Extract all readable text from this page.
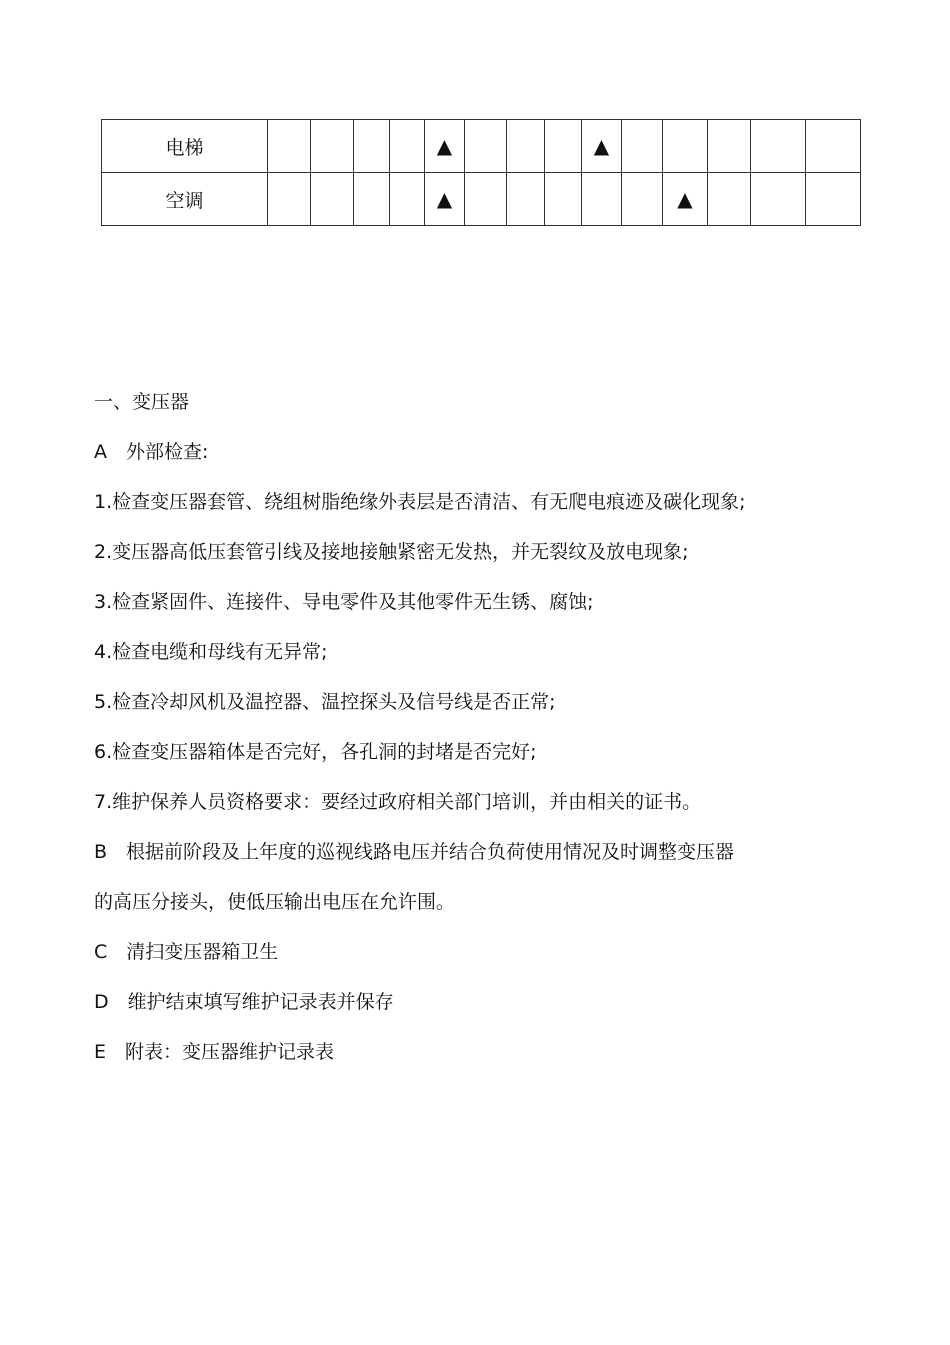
电梯					▲				▲					
空调					▲						▲			
一、变压器
A　外部检查:
1.检查变压器套管、绕组树脂绝缘外表层是否清洁、有无爬电痕迹及碳化现象;
2.变压器高低压套管引线及接地接触紧密无发热，并无裂纹及放电现象;
3.检查紧固件、连接件、导电零件及其他零件无生锈、腐蚀;
4.检查电缆和母线有无异常;
5.检查冷却风机及温控器、温控探头及信号线是否正常;
6.检查变压器箱体是否完好，各孔洞的封堵是否完好;
7.维护保养人员资格要求：要经过政府相关部门培训，并由相关的证书。
B　根据前阶段及上年度的巡视线路电压并结合负荷使用情况及时调整变压器
的高压分接头，使低压输出电压在允许围。
C　清扫变压器箱卫生
D　维护结束填写维护记录表并保存
E　附表：变压器维护记录表
